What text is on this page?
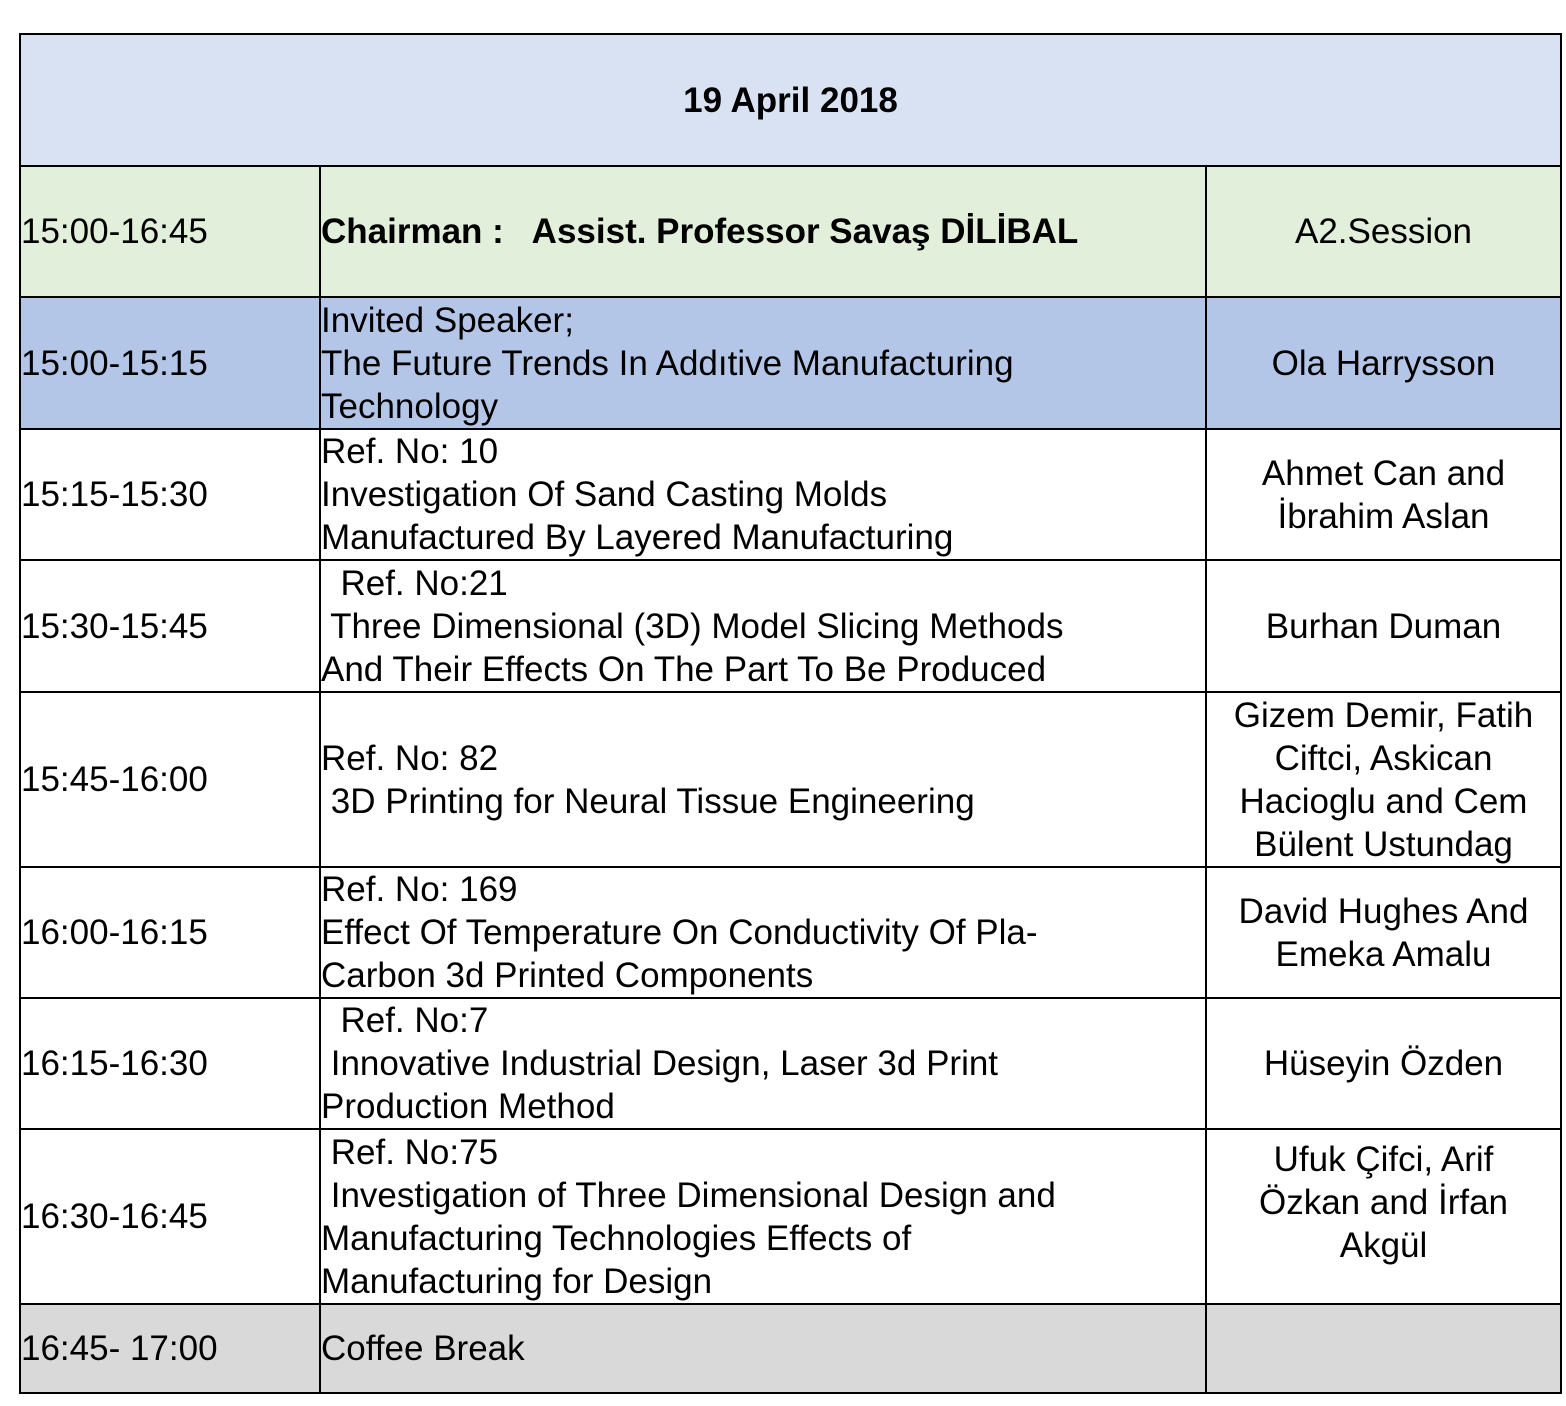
19 April 2018		
15:00-16:45	Chairman :   Assist. Professor Savaş DİLİBAL	A2.Session
15:00-15:15	Invited Speaker;
The Future Trends In Addıtive Manufacturing
Technology	Ola Harrysson

15:15-15:30	Ref. No: 10
Investigation Of Sand Casting Molds
Manufactured By Layered Manufacturing	Ahmet Can and
İbrahim Aslan

15:30-15:45	Ref. No:21
Three Dimensional (3D) Model Slicing Methods
And Their Effects On The Part To Be Produced	Burhan Duman

15:45-16:00	Ref. No: 82
3D Printing for Neural Tissue Engineering	Gizem Demir, Fatih
Ciftci, Askican
Hacioglu and Cem
Bülent Ustundag

16:00-16:15	Ref. No: 169
Effect Of Temperature On Conductivity Of Pla-
Carbon 3d Printed Components	David Hughes And
Emeka Amalu

16:15-16:30	Ref. No:7
Innovative Industrial Design, Laser 3d Print
Production Method	Hüseyin Özden

16:30-16:45	Ref. No:75
Investigation of Three Dimensional Design and
Manufacturing Technologies Effects of
Manufacturing for Design	Ufuk Çifci, Arif
Özkan and İrfan
Akgül

16:45- 17:00	Coffee Break	
